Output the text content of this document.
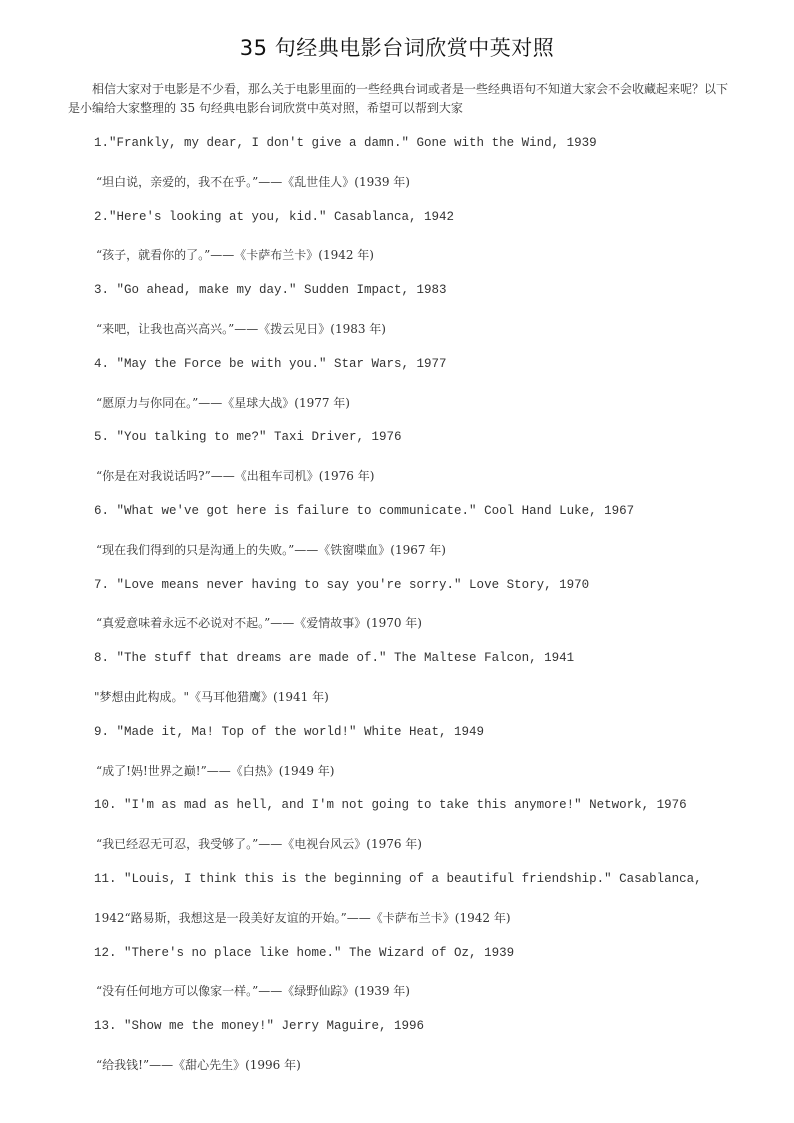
35 句经典电影台词欣赏中英对照
相信大家对于电影是不少看，那么关于电影里面的一些经典台词或者是一些经典语句不知道大家会不会收藏起来呢？以下是小编给大家整理的 35 句经典电影台词欣赏中英对照，希望可以帮到大家
1."Frankly, my dear, I don't give a damn." Gone with the Wind, 1939
“坦白说，亲爱的，我不在乎。”——《乱世佳人》(1939 年)
2."Here's looking at you, kid." Casablanca, 1942
“孩子，就看你的了。”——《卡萨布兰卡》(1942 年)
3. "Go ahead, make my day." Sudden Impact, 1983
“来吧，让我也高兴高兴。”——《拨云见日》(1983 年)
4. "May the Force be with you." Star Wars, 1977
“愿原力与你同在。”——《星球大战》(1977 年)
5. "You talking to me?" Taxi Driver, 1976
“你是在对我说话吗?”——《出租车司机》(1976 年)
6. "What we've got here is failure to communicate." Cool Hand Luke, 1967
“现在我们得到的只是沟通上的失败。”——《铁窗喋血》(1967 年)
7. "Love means never having to say you're sorry." Love Story, 1970
“真爱意味着永远不必说对不起。”——《爱情故事》(1970 年)
8. "The stuff that dreams are made of." The Maltese Falcon, 1941
"梦想由此构成。"《马耳他猎鹰》(1941 年)
9. "Made it, Ma! Top of the world!" White Heat, 1949
“成了!妈!世界之巅!”——《白热》(1949 年)
10. "I'm as mad as hell, and I'm not going to take this anymore!" Network, 1976
“我已经忍无可忍，我受够了。”——《电视台风云》(1976 年)
11. "Louis, I think this is the beginning of a beautiful friendship." Casablanca,
1942“路易斯，我想这是一段美好友谊的开始。”——《卡萨布兰卡》(1942 年)
12. "There's no place like home." The Wizard of Oz, 1939
“没有任何地方可以像家一样。”——《绿野仙踪》(1939 年)
13. "Show me the money!" Jerry Maguire, 1996
“给我钱!”——《甜心先生》(1996 年)
